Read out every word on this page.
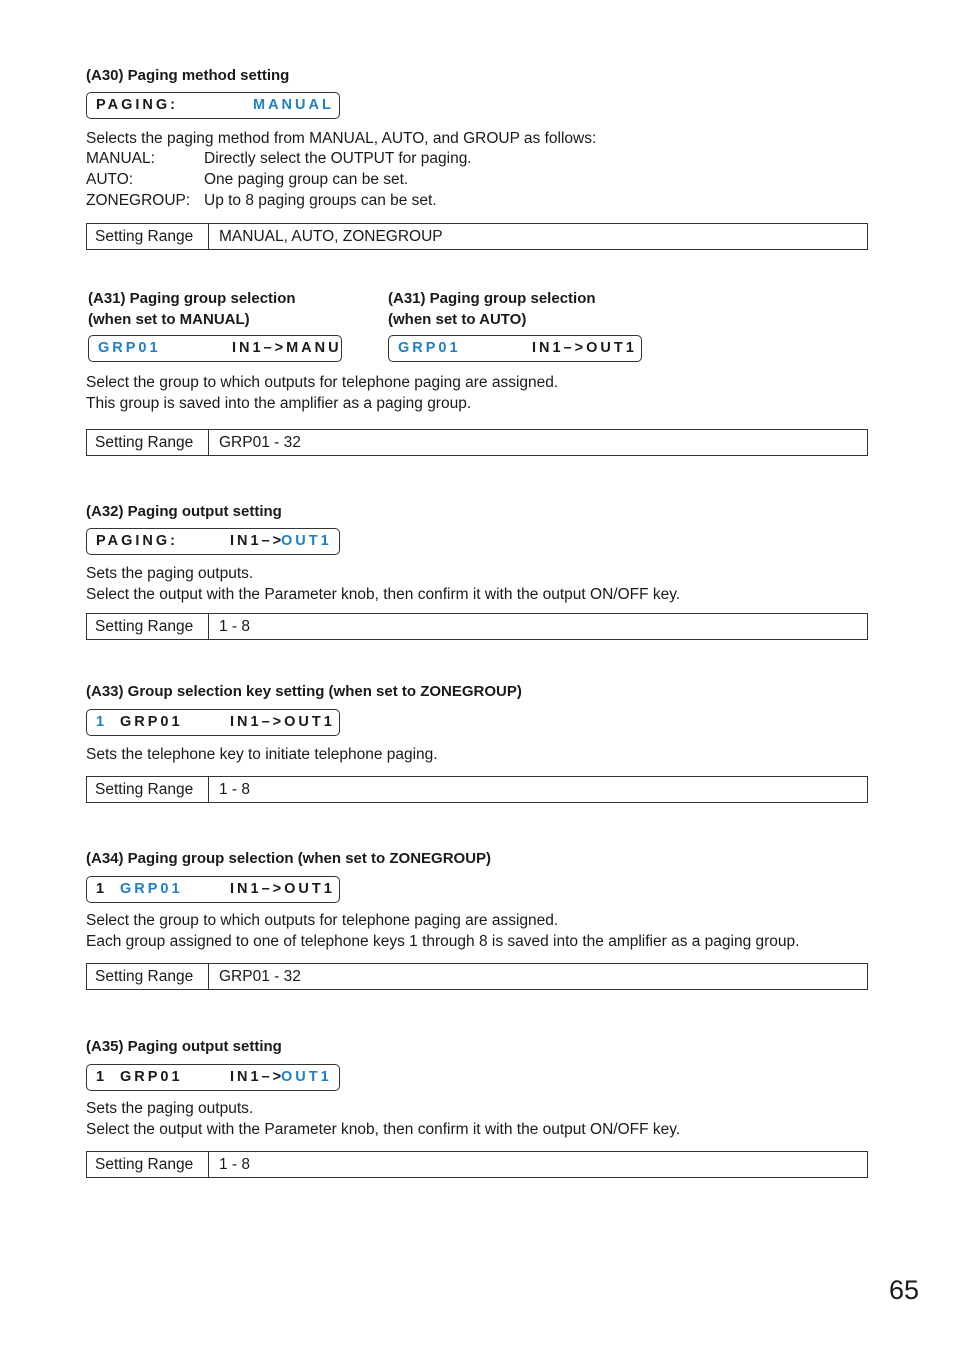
(A30) Paging method setting

PAGING:

	MANUAL

Selects the paging method from MANUAL, AUTO, and GROUP as follows:
MANUAL:	Directly select the OUTPUT for paging.
AUTO:	One paging group can be set.
ZONEGROUP: Up to 8 paging groups can be set.
Setting Range	MANUAL, AUTO, ZONEGROUP
(A31) Paging group selection
(when set to MANUAL)

GRP01

	IN1–>MANU

(A31) Paging group selection
(when set to AUTO)

GRP01

	IN1–>OUT1

Select the group to which outputs for telephone paging are assigned.
This group is saved into the amplifier as a paging group.
Setting Range	GRP01 - 32
(A32) Paging output setting

PAGING:

	IN1–>

OUT1

Sets the paging outputs.
Select the output with the Parameter knob, then confirm it with the output ON/OFF key.
Setting Range	1 - 8
(A33) Group selection key setting (when set to ZONEGROUP)

1

GRP01

	IN1–>OUT1

Sets the telephone key to initiate telephone paging.
Setting Range	1 - 8
(A34) Paging group selection (when set to ZONEGROUP)

1

GRP01

	IN1–>OUT1

Select the group to which outputs for telephone paging are assigned.
Each group assigned to one of telephone keys 1 through 8 is saved into the amplifier as a paging group.
Setting Range	GRP01 - 32
(A35) Paging output setting

1

GRP01

	IN1–>

OUT1

Sets the paging outputs.
Select the output with the Parameter knob, then confirm it with the output ON/OFF key.
Setting Range	1 - 8
65
